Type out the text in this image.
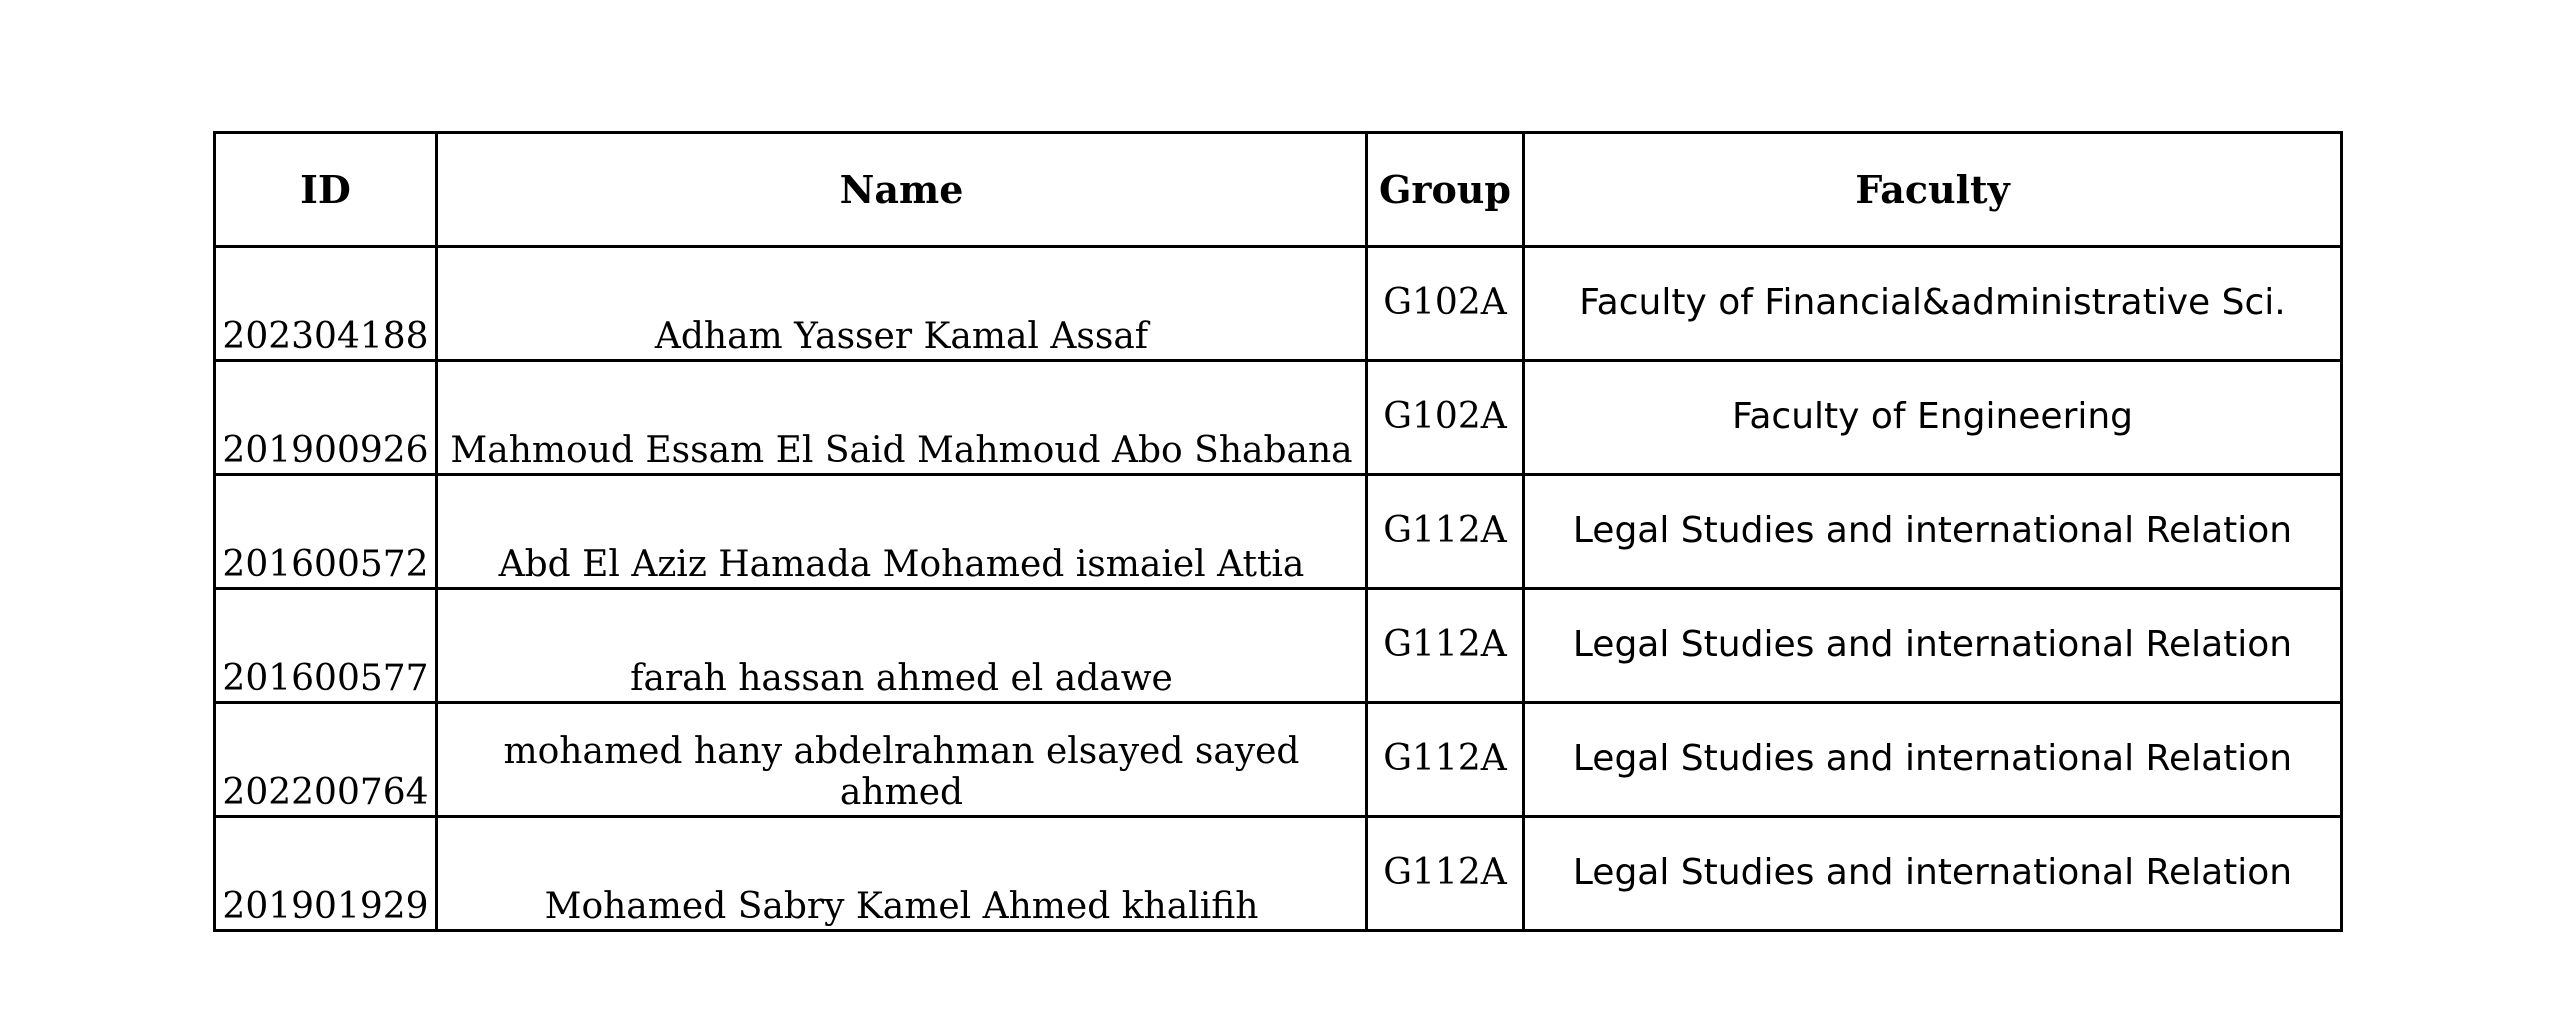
ID	Name	Group	Faculty
202304188	Adham Yasser Kamal Assaf	G102A	Faculty of Financial&administrative Sci.
201900926	Mahmoud Essam El Said Mahmoud Abo Shabana	G102A	Faculty of Engineering
201600572	Abd El Aziz Hamada Mohamed ismaiel Attia	G112A	Legal Studies and international Relation
201600577	farah hassan ahmed el adawe	G112A	Legal Studies and international Relation
202200764	mohamed hany abdelrahman elsayed sayed ahmed	G112A	Legal Studies and international Relation
201901929	Mohamed Sabry Kamel Ahmed khalifih	G112A	Legal Studies and international Relation
